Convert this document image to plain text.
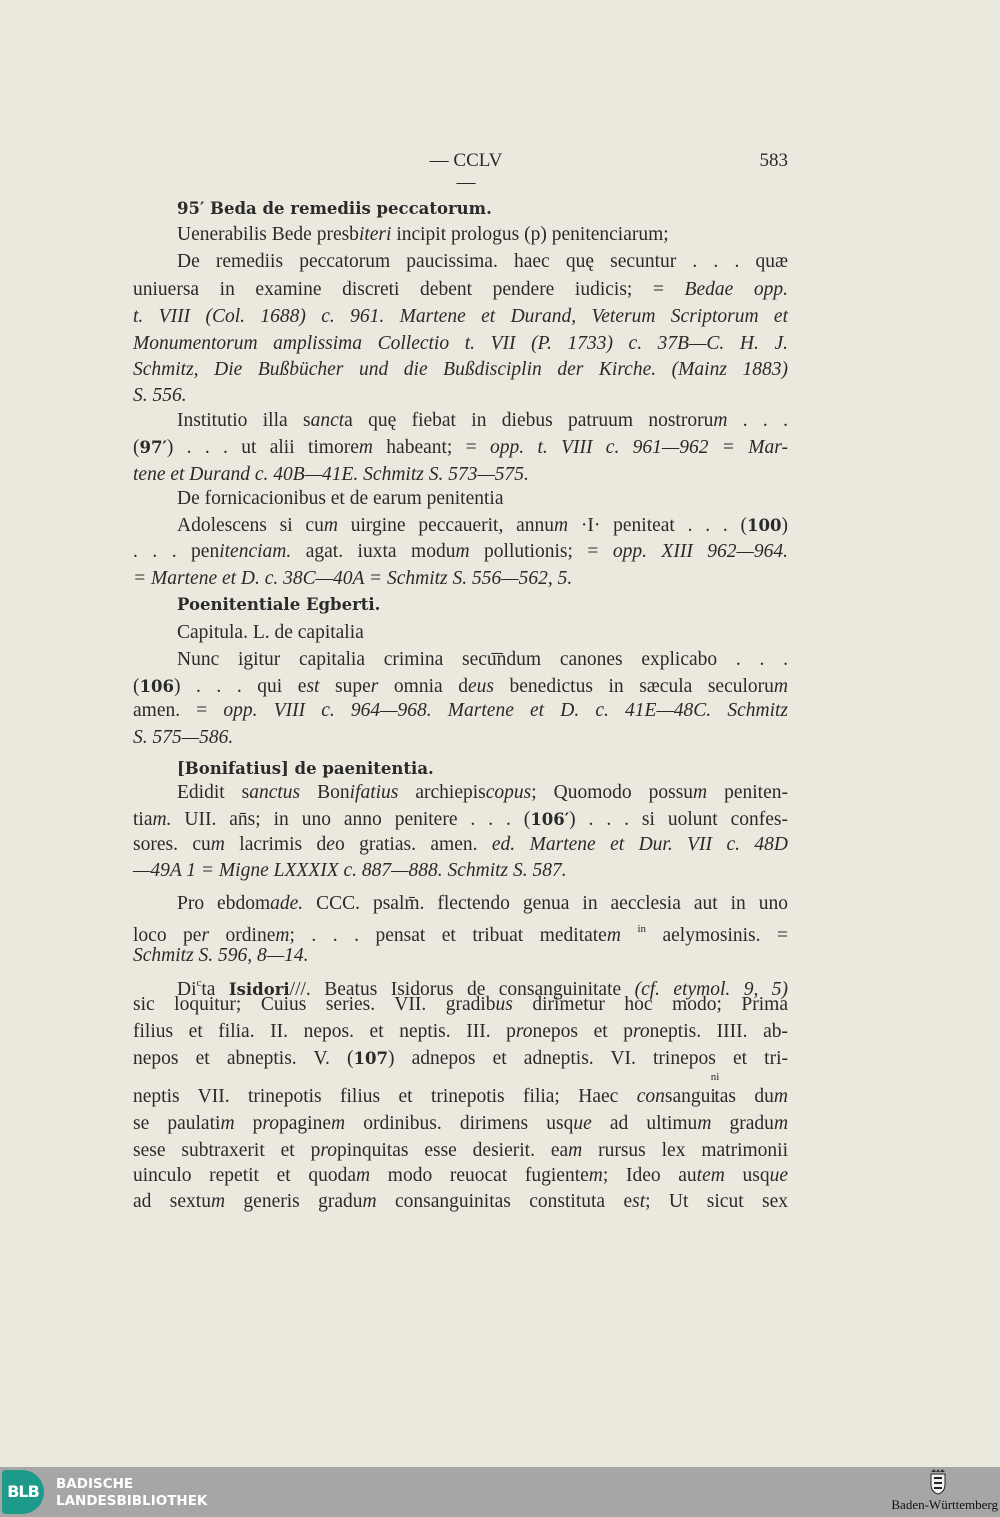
— CCLV —
583
95′ Beda de remediis peccatorum.
Uenerabilis Bede presbiteri incipit prologus (p) penitenciarum;
De remediis peccatorum paucissima. haec quę secuntur . . . quæ
uniuersa in examine discreti debent pendere iudicis; = Bedae opp.
t. VIII (Col. 1688) c. 961. Martene et Durand, Veterum Scriptorum et
Monumentorum amplissima Collectio t. VII (P. 1733) c. 37B—C. H. J.
Schmitz, Die Bußbücher und die Bußdisciplin der Kirche. (Mainz 1883)
S. 556.
Institutio illa sancta quę fiebat in diebus patruum nostrorum . . .
(97′) . . . ut alii timorem habeant; = opp. t. VIII c. 961—962 = Mar-
tene et Durand c. 40B—41E. Schmitz S. 573—575.
De fornicacionibus et de earum penitentia
Adolescens si cum uirgine peccauerit, annum ·I· peniteat . . . (100)
. . . penitenciam. agat. iuxta modum pollutionis; = opp. XIII 962—964.
= Martene et D. c. 38C—40A = Schmitz S. 556—562, 5.
Poenitentiale Egberti.
Capitula. L. de capitalia
Nunc igitur capitalia crimina secu͞ndum canones explicabo . . .
(106) . . . qui est super omnia deus benedictus in sæcula seculorum
amen. = opp. VIII c. 964—968. Martene et D. c. 41E—48C. Schmitz
S. 575—586.
[Bonifatius] de paenitentia.
Edidit sanctus Bonifatius archiepiscopus; Quomodo possum peniten-
tiam. UII. an̄s; in uno anno penitere . . . (106′) . . . si uolunt confes-
sores. cum lacrimis deo gratias. amen. ed. Martene et Dur. VII c. 48D
—49A 1 = Migne LXXXIX c. 887—888. Schmitz S. 587.
Pro ebdomade. CCC. psalm̄. flectendo genua in aecclesia aut in uno
loco per ordinem; . . . pensat et tribuat meditatem $^{in}$ aelymosinis. =
Schmitz S. 596, 8—14.
Di$^c$ta Isidori///. Beatus Isidorus de consanguinitate (cf. etymol. 9, 5)
sic loquitur; Cuius series. VII. gradibus dirimetur hoc modo; Prima
filius et filia. II. nepos. et neptis. III. pronepos et proneptis. IIII. ab-
nepos et abneptis. V. (107) adnepos et adneptis. VI. trinepos et tri-
neptis VII. trinepotis filius et trinepotis filia; Haec consangui$^{ni}$tas dum
se paulatim propaginem ordinibus. dirimens usque ad ultimum gradum
sese subtraxerit et propinquitas esse desierit. eam rursus lex matrimonii
uinculo repetit et quodam modo reuocat fugientem; Ideo autem usque
ad sextum generis gradum consanguinitas constituta est; Ut sicut sex
BLB	BADISCHE
LANDESBIBLIOTHEK	Baden-Württemberg
